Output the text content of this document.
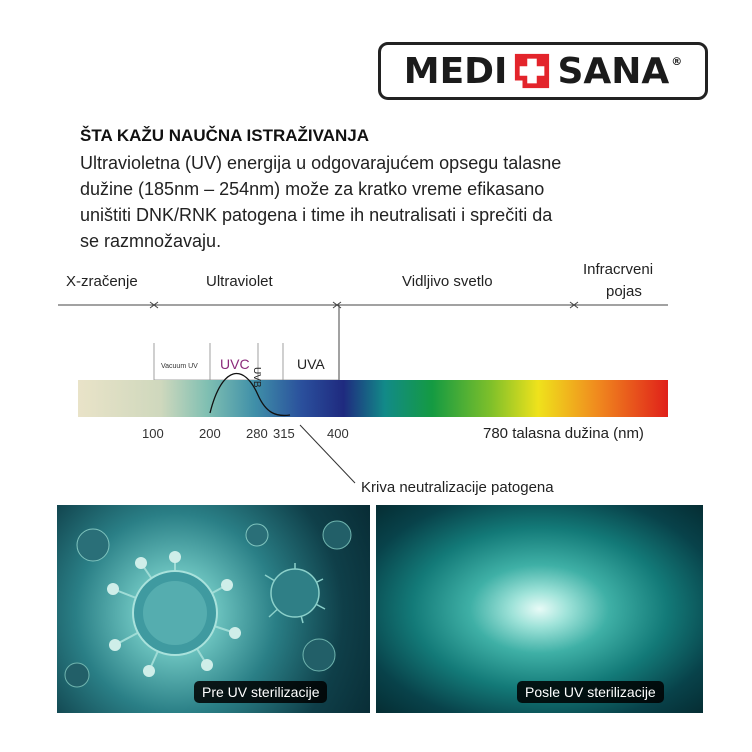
MEDI SANA ®
ŠTA KAŽU NAUČNA ISTRAŽIVANJA

Ultravioletna (UV) energija u odgovarajućem opsegu talasne
dužine (185nm – 254nm) može za kratko vreme efikasano
uništiti DNK/RNK patogena i time ih neutralisati i sprečiti da
se razmnožavaju.

X-zračenje	Ultraviolet	Vidljivo svetlo
Infracrveni
pojas
Vacuum UV UVC
UVB
UVA
100	200 280 315 400	780 talasna dužina (nm)
Kriva neutralizacije patogena
Pre UV sterilizacije	Posle UV sterilizacije
